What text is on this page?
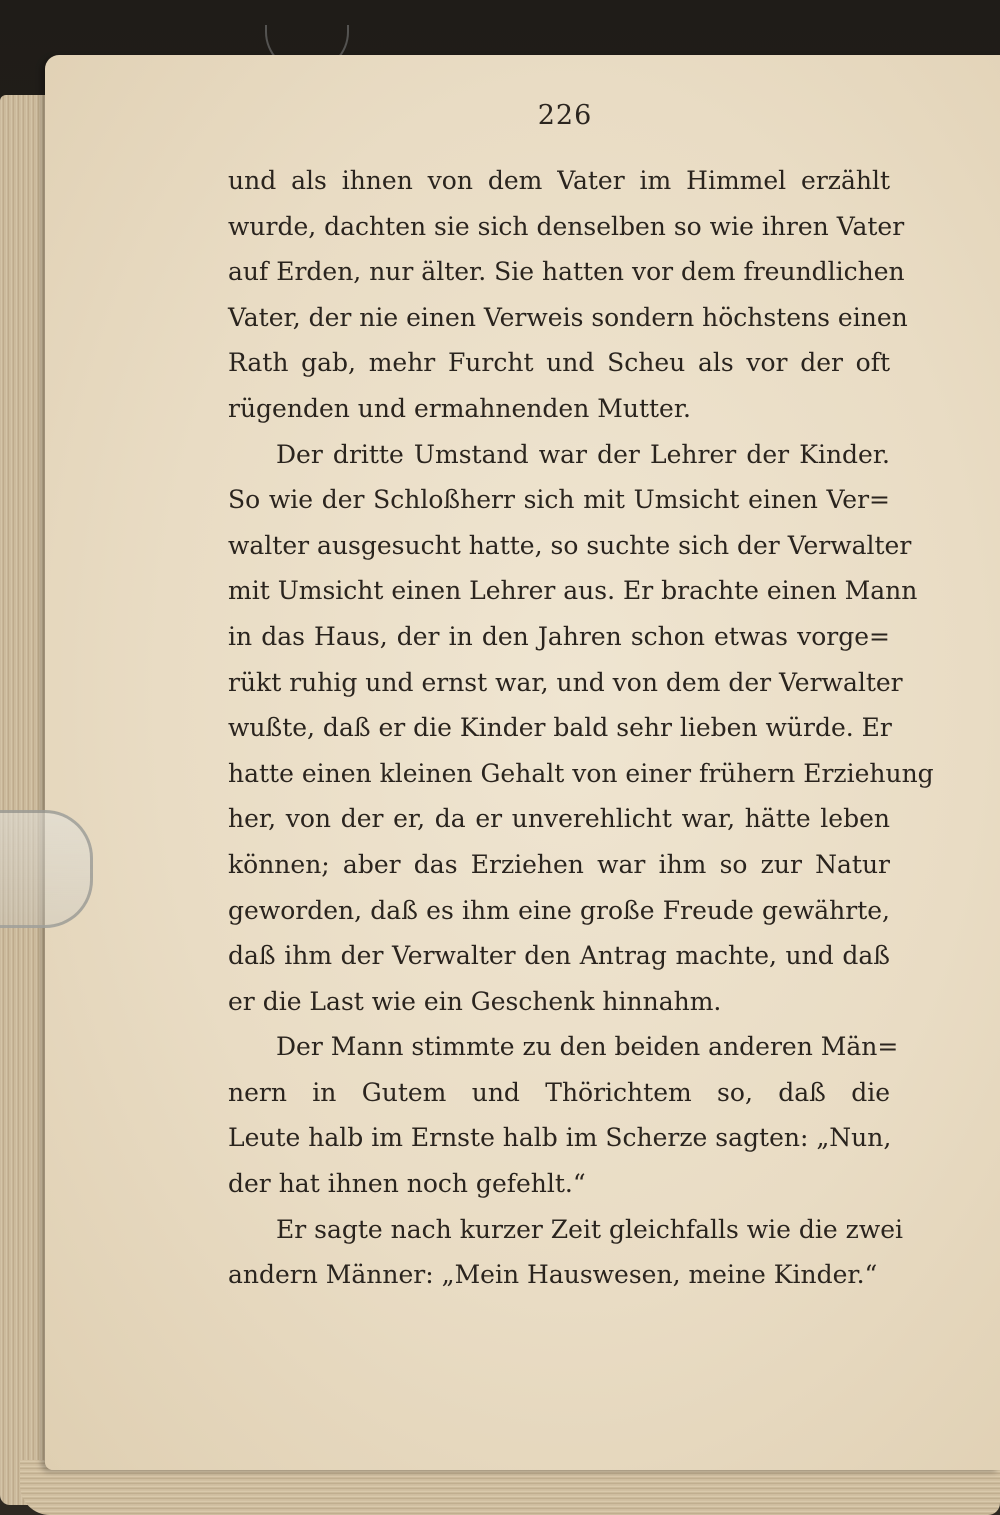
226
und als ihnen von dem Vater im Himmel erzählt
wurde, dachten sie sich denselben so wie ihren Vater
auf Erden, nur älter. Sie hatten vor dem freundlichen
Vater, der nie einen Verweis sondern höchstens einen
Rath gab, mehr Furcht und Scheu als vor der oft
rügenden und ermahnenden Mutter.
Der dritte Umstand war der Lehrer der Kinder.
So wie der Schloßherr sich mit Umsicht einen Ver=
walter ausgesucht hatte, so suchte sich der Verwalter
mit Umsicht einen Lehrer aus. Er brachte einen Mann
in das Haus, der in den Jahren schon etwas vorge=
rükt ruhig und ernst war, und von dem der Verwalter
wußte, daß er die Kinder bald sehr lieben würde. Er
hatte einen kleinen Gehalt von einer frühern Erziehung
her, von der er, da er unverehlicht war, hätte leben
können; aber das Erziehen war ihm so zur Natur
geworden, daß es ihm eine große Freude gewährte,
daß ihm der Verwalter den Antrag machte, und daß
er die Last wie ein Geschenk hinnahm.
Der Mann stimmte zu den beiden anderen Män=
nern in Gutem und Thörichtem so, daß die
Leute halb im Ernste halb im Scherze sagten: „Nun,
der hat ihnen noch gefehlt.“
Er sagte nach kurzer Zeit gleichfalls wie die zwei
andern Männer: „Mein Hauswesen, meine Kinder.“
